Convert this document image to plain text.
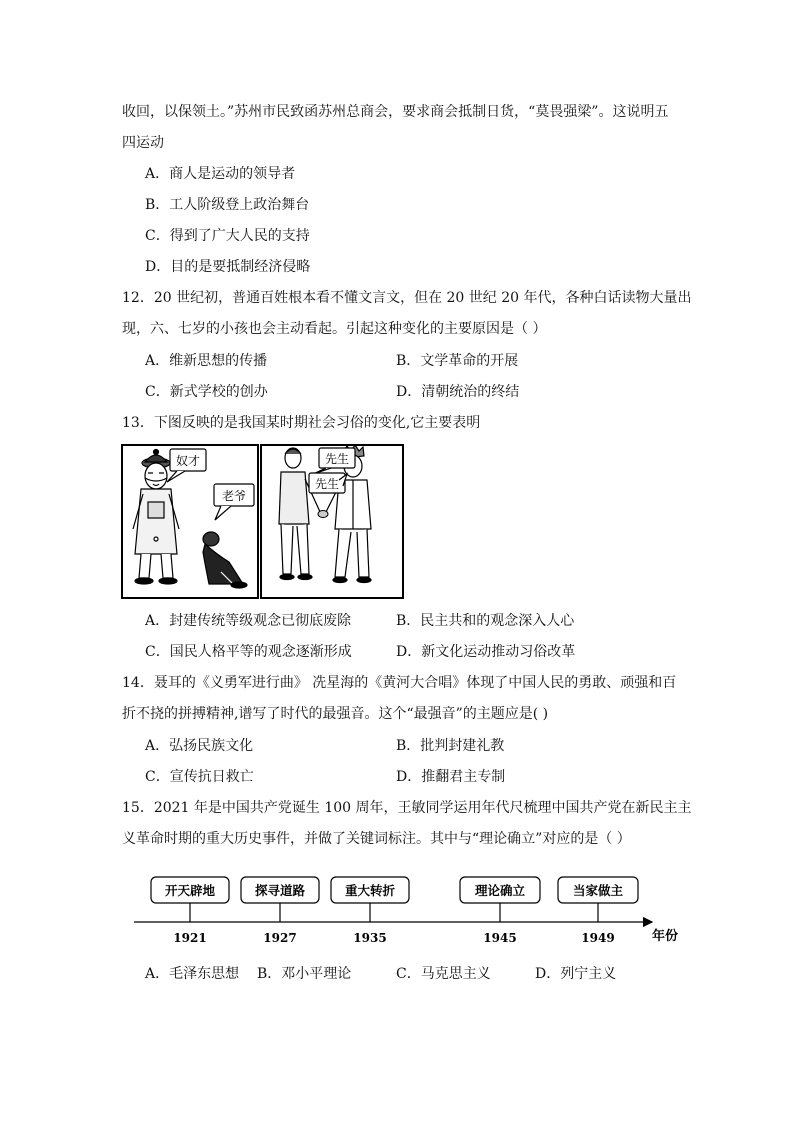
收回，以保领土。”苏州市民致函苏州总商会，要求商会抵制日货，“莫畏强梁”。这说明五
四运动
A．商人是运动的领导者
B．工人阶级登上政治舞台
C．得到了广大人民的支持
D．目的是要抵制经济侵略
12．20 世纪初，普通百姓根本看不懂文言文，但在 20 世纪 20 年代，各种白话读物大量出
现，六、七岁的小孩也会主动看起。引起这种变化的主要原因是（ ）
A．维新思想的传播	B．文学革命的开展
C．新式学校的创办	D．清朝统治的终结
13．下图反映的是我国某时期社会习俗的变化,它主要表明
奴才
老爷
先生
先生
A．封建传统等级观念已彻底废除	B．民主共和的观念深入人心
C．国民人格平等的观念逐渐形成	D．新文化运动推动习俗改革
14．聂耳的《义勇军进行曲》 冼星海的《黄河大合唱》体现了中国人民的勇敢、顽强和百
折不挠的拼搏精神,谱写了时代的最强音。这个“最强音”的主题应是( )
A．弘扬民族文化	B．批判封建礼教
C．宣传抗日救亡	D．推翻君主专制
15．2021 年是中国共产党诞生 100 周年，王敏同学运用年代尺梳理中国共产党在新民主主
义革命时期的重大历史事件，并做了关键词标注。其中与“理论确立”对应的是（ ）
年份
开天辟地
1921
探寻道路
1927
重大转折
1935
理论确立
1945
当家做主
1949
A．毛泽东思想 B．邓小平理论	C．马克思主义	D．列宁主义
